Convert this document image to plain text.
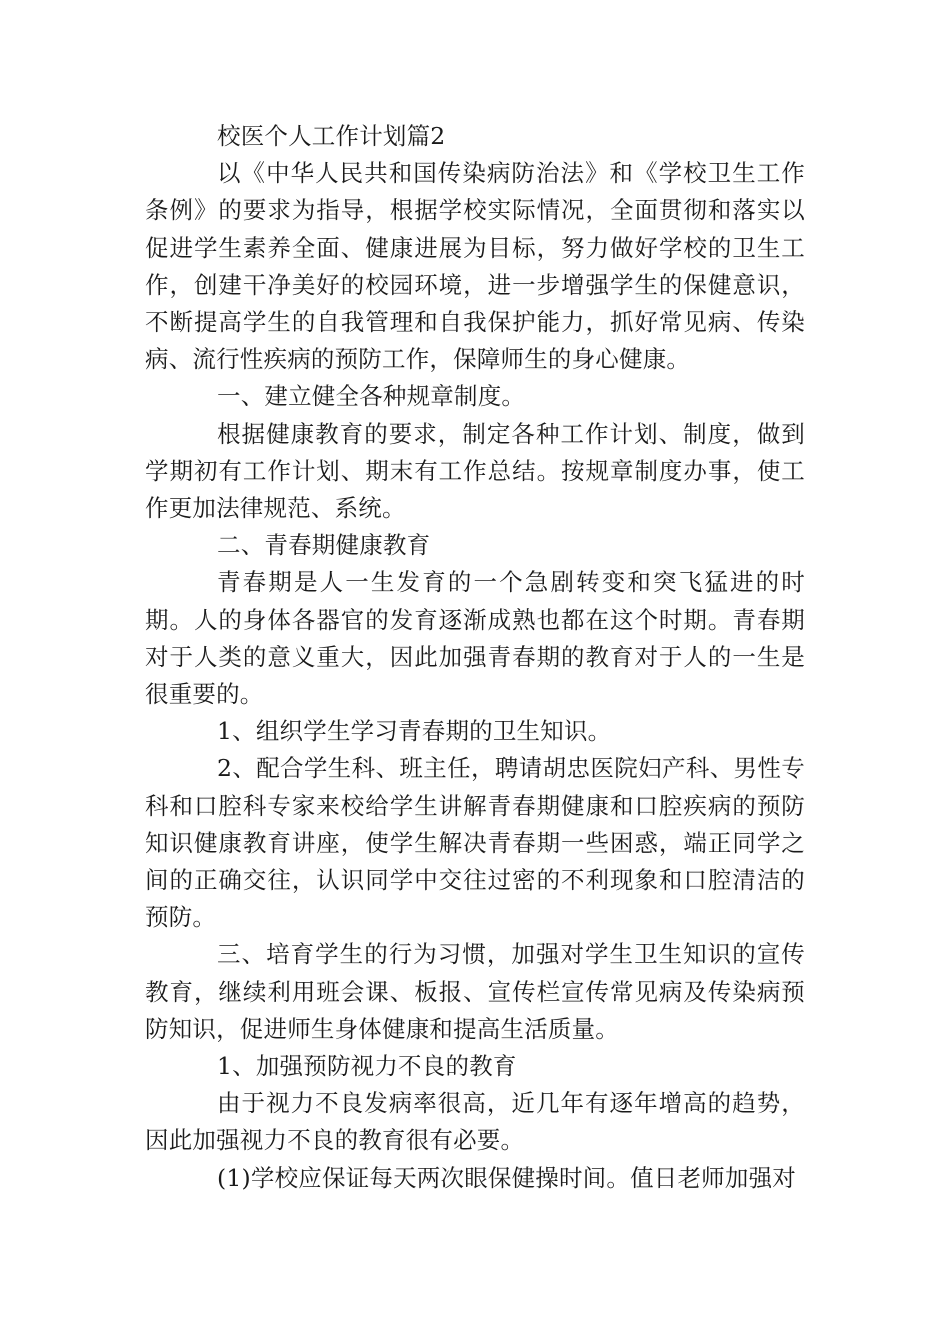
校医个人工作计划篇2

以《中华人民共和国传染病防治法》和《学校卫生工作条例》的要求为指导，根据学校实际情况，全面贯彻和落实以促进学生素养全面、健康进展为目标，努力做好学校的卫生工作，创建干净美好的校园环境，进一步增强学生的保健意识，不断提高学生的自我管理和自我保护能力，抓好常见病、传染病、流行性疾病的预防工作，保障师生的身心健康。

一、建立健全各种规章制度。

根据健康教育的要求，制定各种工作计划、制度，做到学期初有工作计划、期末有工作总结。按规章制度办事，使工作更加法律规范、系统。

二、青春期健康教育

青春期是人一生发育的一个急剧转变和突飞猛进的时期。人的身体各器官的发育逐渐成熟也都在这个时期。青春期对于人类的意义重大，因此加强青春期的教育对于人的一生是很重要的。

1、组织学生学习青春期的卫生知识。

2、配合学生科、班主任，聘请胡忠医院妇产科、男性专科和口腔科专家来校给学生讲解青春期健康和口腔疾病的预防知识健康教育讲座，使学生解决青春期一些困惑，端正同学之间的正确交往，认识同学中交往过密的不利现象和口腔清洁的预防。

三、培育学生的行为习惯，加强对学生卫生知识的宣传教育，继续利用班会课、板报、宣传栏宣传常见病及传染病预防知识，促进师生身体健康和提高生活质量。

1、加强预防视力不良的教育

由于视力不良发病率很高，近几年有逐年增高的趋势，因此加强视力不良的教育很有必要。

(1)学校应保证每天两次眼保健操时间。值日老师加强对
